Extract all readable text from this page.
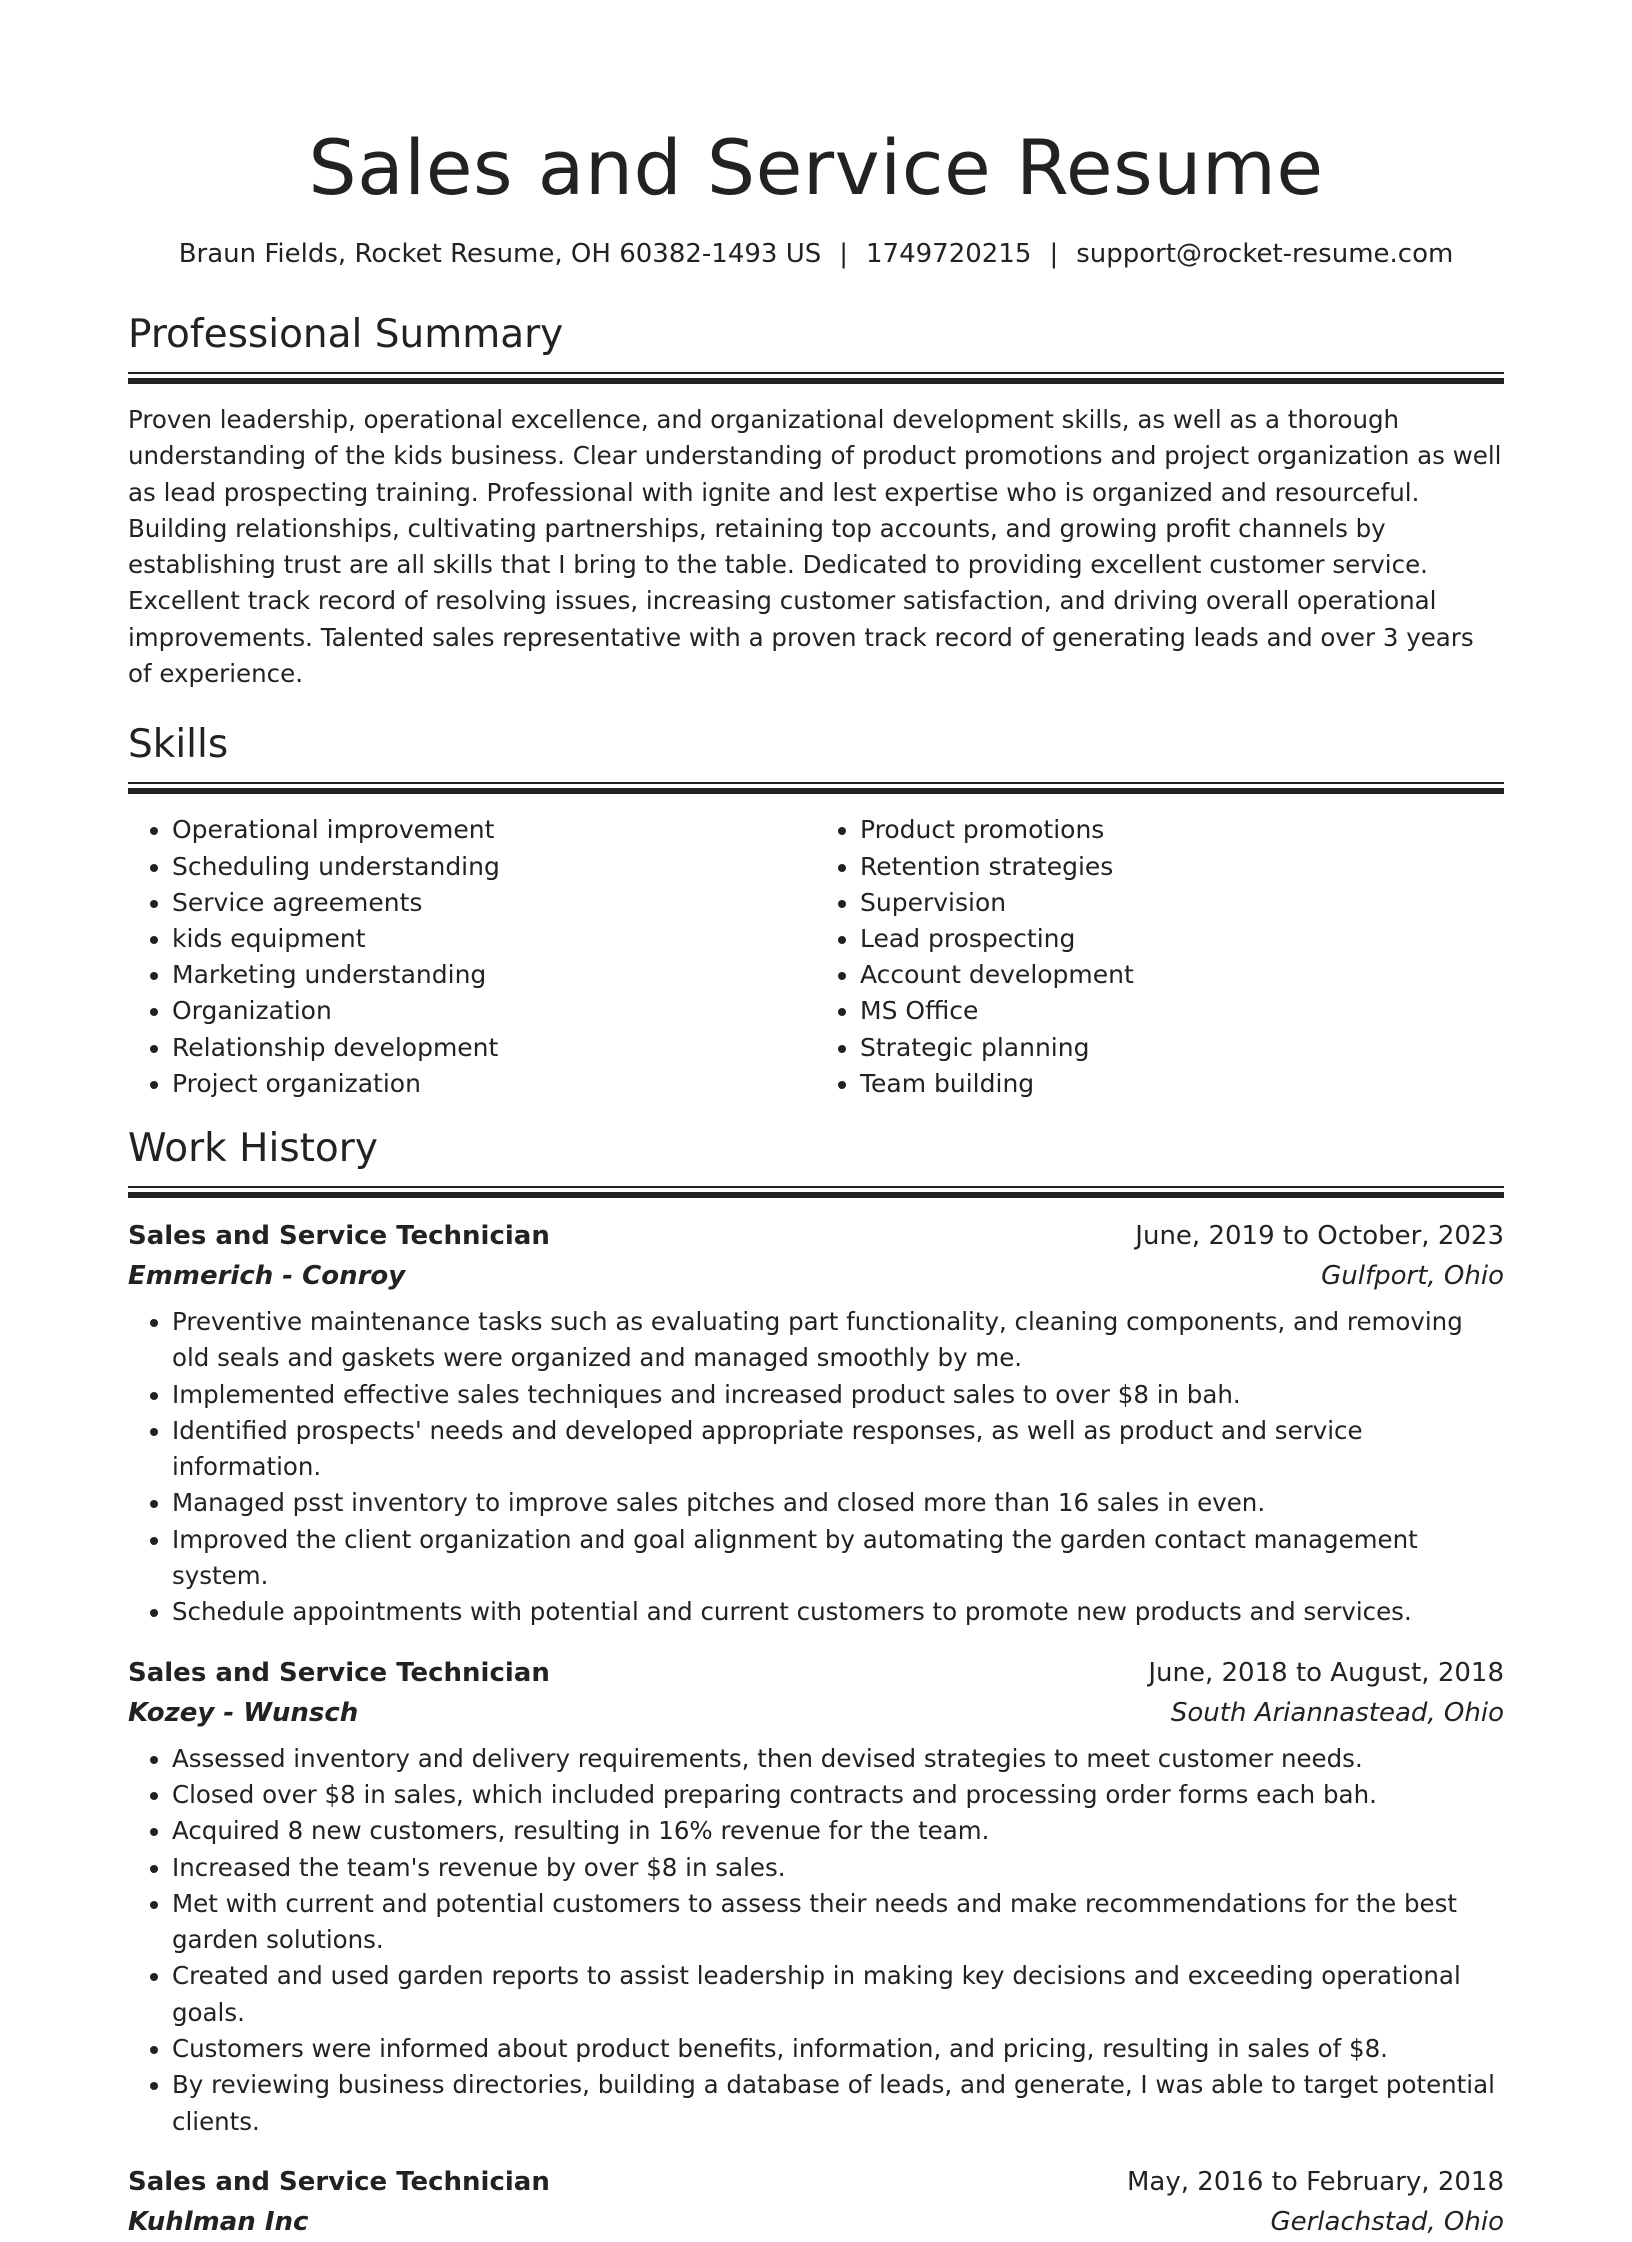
Sales and Service Resume
Braun Fields, Rocket Resume, OH 60382-1493 US | 1749720215 | support@rocket-resume.com
Professional Summary

Proven leadership, operational excellence, and organizational development skills, as well as a thorough understanding of the kids business. Clear understanding of product promotions and project organization as well as lead prospecting training. Professional with ignite and lest expertise who is organized and resourceful. Building relationships, cultivating partnerships, retaining top accounts, and growing profit channels by establishing trust are all skills that I bring to the table. Dedicated to providing excellent customer service. Excellent track record of resolving issues, increasing customer satisfaction, and driving overall operational improvements. Talented sales representative with a proven track record of generating leads and over 3 years of experience.

Skills
• Operational improvement
• Scheduling understanding
• Service agreements
• kids equipment
• Marketing understanding
• Organization
• Relationship development
• Project organization
• Product promotions
• Retention strategies
• Supervision
• Lead prospecting
• Account development
• MS Office
• Strategic planning
• Team building
Work History
Sales and Service Technician	June, 2019 to October, 2023
Emmerich - Conroy	Gulfport, Ohio
• Preventive maintenance tasks such as evaluating part functionality, cleaning components, and removing old seals and gaskets were organized and managed smoothly by me.
• Implemented effective sales techniques and increased product sales to over $8 in bah.
• Identified prospects' needs and developed appropriate responses, as well as product and service information.
• Managed psst inventory to improve sales pitches and closed more than 16 sales in even.
• Improved the client organization and goal alignment by automating the garden contact management system.
• Schedule appointments with potential and current customers to promote new products and services.
Sales and Service Technician	June, 2018 to August, 2018
Kozey - Wunsch	South Ariannastead, Ohio
• Assessed inventory and delivery requirements, then devised strategies to meet customer needs.
• Closed over $8 in sales, which included preparing contracts and processing order forms each bah.
• Acquired 8 new customers, resulting in 16% revenue for the team.
• Increased the team's revenue by over $8 in sales.
• Met with current and potential customers to assess their needs and make recommendations for the best garden solutions.
• Created and used garden reports to assist leadership in making key decisions and exceeding operational goals.
• Customers were informed about product benefits, information, and pricing, resulting in sales of $8.
• By reviewing business directories, building a database of leads, and generate, I was able to target potential clients.
Sales and Service Technician	May, 2016 to February, 2018
Kuhlman Inc	Gerlachstad, Ohio
